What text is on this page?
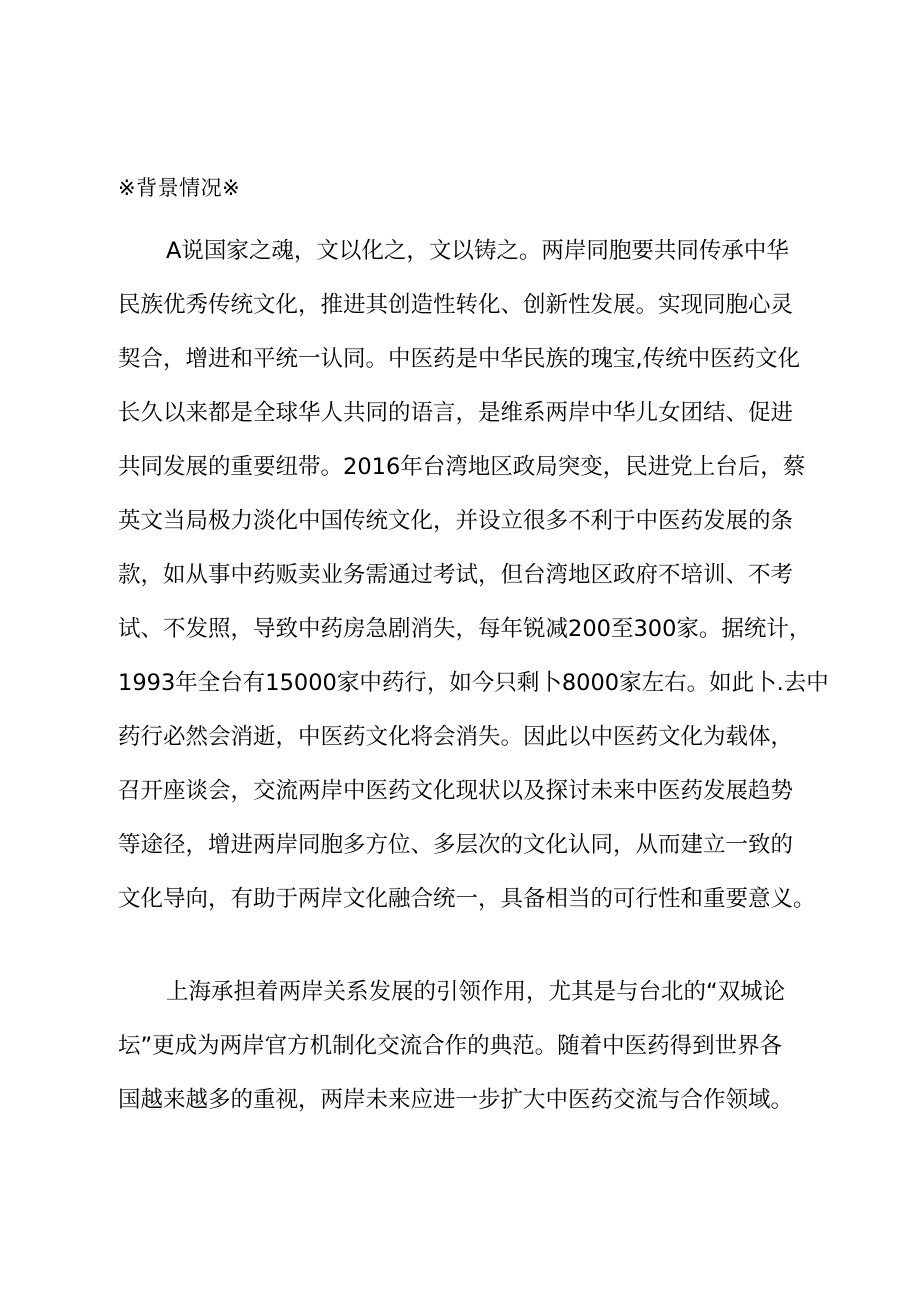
※背景情况※
A说国家之魂，文以化之，文以铸之。两岸同胞要共同传承中华
民族优秀传统文化，推进其创造性转化、创新性发展。实现同胞心灵
契合，增进和平统一认同。中医药是中华民族的瑰宝,传统中医药文化
长久以来都是全球华人共同的语言，是维系两岸中华儿女团结、促进
共同发展的重要纽带。2016年台湾地区政局突变，民进党上台后，蔡
英文当局极力淡化中国传统文化，并设立很多不利于中医药发展的条
款，如从事中药贩卖业务需通过考试，但台湾地区政府不培训、不考
试、不发照，导致中药房急剧消失，每年锐减200至300家。据统计，
1993年全台有15000家中药行，如今只剩卜8000家左右。如此卜.去中
药行必然会消逝，中医药文化将会消失。因此以中医药文化为载体，
召开座谈会，交流两岸中医药文化现状以及探讨未来中医药发展趋势
等途径，增进两岸同胞多方位、多层次的文化认同，从而建立一致的
文化导向，有助于两岸文化融合统一，具备相当的可行性和重要意义。
上海承担着两岸关系发展的引领作用，尤其是与台北的“双城论
坛”更成为两岸官方机制化交流合作的典范。随着中医药得到世界各
国越来越多的重视，两岸未来应进一步扩大中医药交流与合作领域。
